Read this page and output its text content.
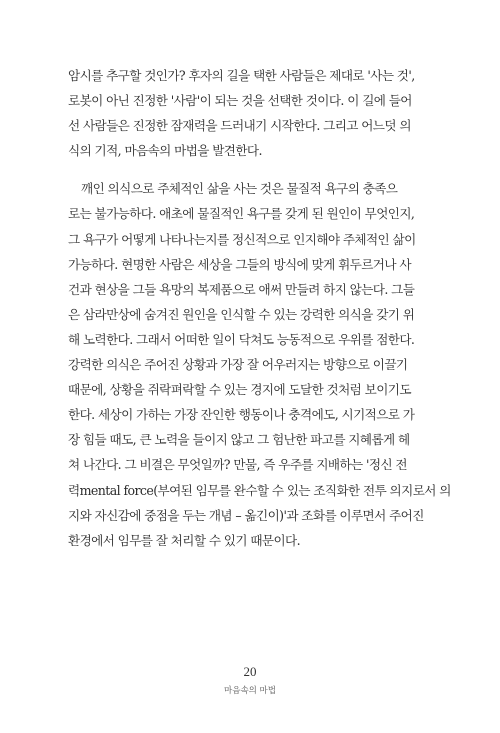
암시를 추구할 것인가? 후자의 길을 택한 사람들은 제대로 '사는 것',
로봇이 아닌 진정한 '사람'이 되는 것을 선택한 것이다. 이 길에 들어
선 사람들은 진정한 잠재력을 드러내기 시작한다. 그리고 어느덧 의
식의 기적, 마음속의 마법을 발견한다.
깨인 의식으로 주체적인 삶을 사는 것은 물질적 욕구의 충족으
로는 불가능하다. 애초에 물질적인 욕구를 갖게 된 원인이 무엇인지,
그 욕구가 어떻게 나타나는지를 정신적으로 인지해야 주체적인 삶이
가능하다. 현명한 사람은 세상을 그들의 방식에 맞게 휘두르거나 사
건과 현상을 그들 욕망의 복제품으로 애써 만들려 하지 않는다. 그들
은 삼라만상에 숨겨진 원인을 인식할 수 있는 강력한 의식을 갖기 위
해 노력한다. 그래서 어떠한 일이 닥쳐도 능동적으로 우위를 점한다.
강력한 의식은 주어진 상황과 가장 잘 어우러지는 방향으로 이끌기
때문에, 상황을 쥐락펴락할 수 있는 경지에 도달한 것처럼 보이기도
한다. 세상이 가하는 가장 잔인한 행동이나 충격에도, 시기적으로 가
장 힘들 때도, 큰 노력을 들이지 않고 그 험난한 파고를 지혜롭게 헤
쳐 나간다. 그 비결은 무엇일까? 만물, 즉 우주를 지배하는 '정신 전
력mental force(부여된 임무를 완수할 수 있는 조직화한 전투 의지로서 의
지와 자신감에 중점을 두는 개념 – 옮긴이)'과 조화를 이루면서 주어진
환경에서 임무를 잘 처리할 수 있기 때문이다.
20
마음속의 마법
